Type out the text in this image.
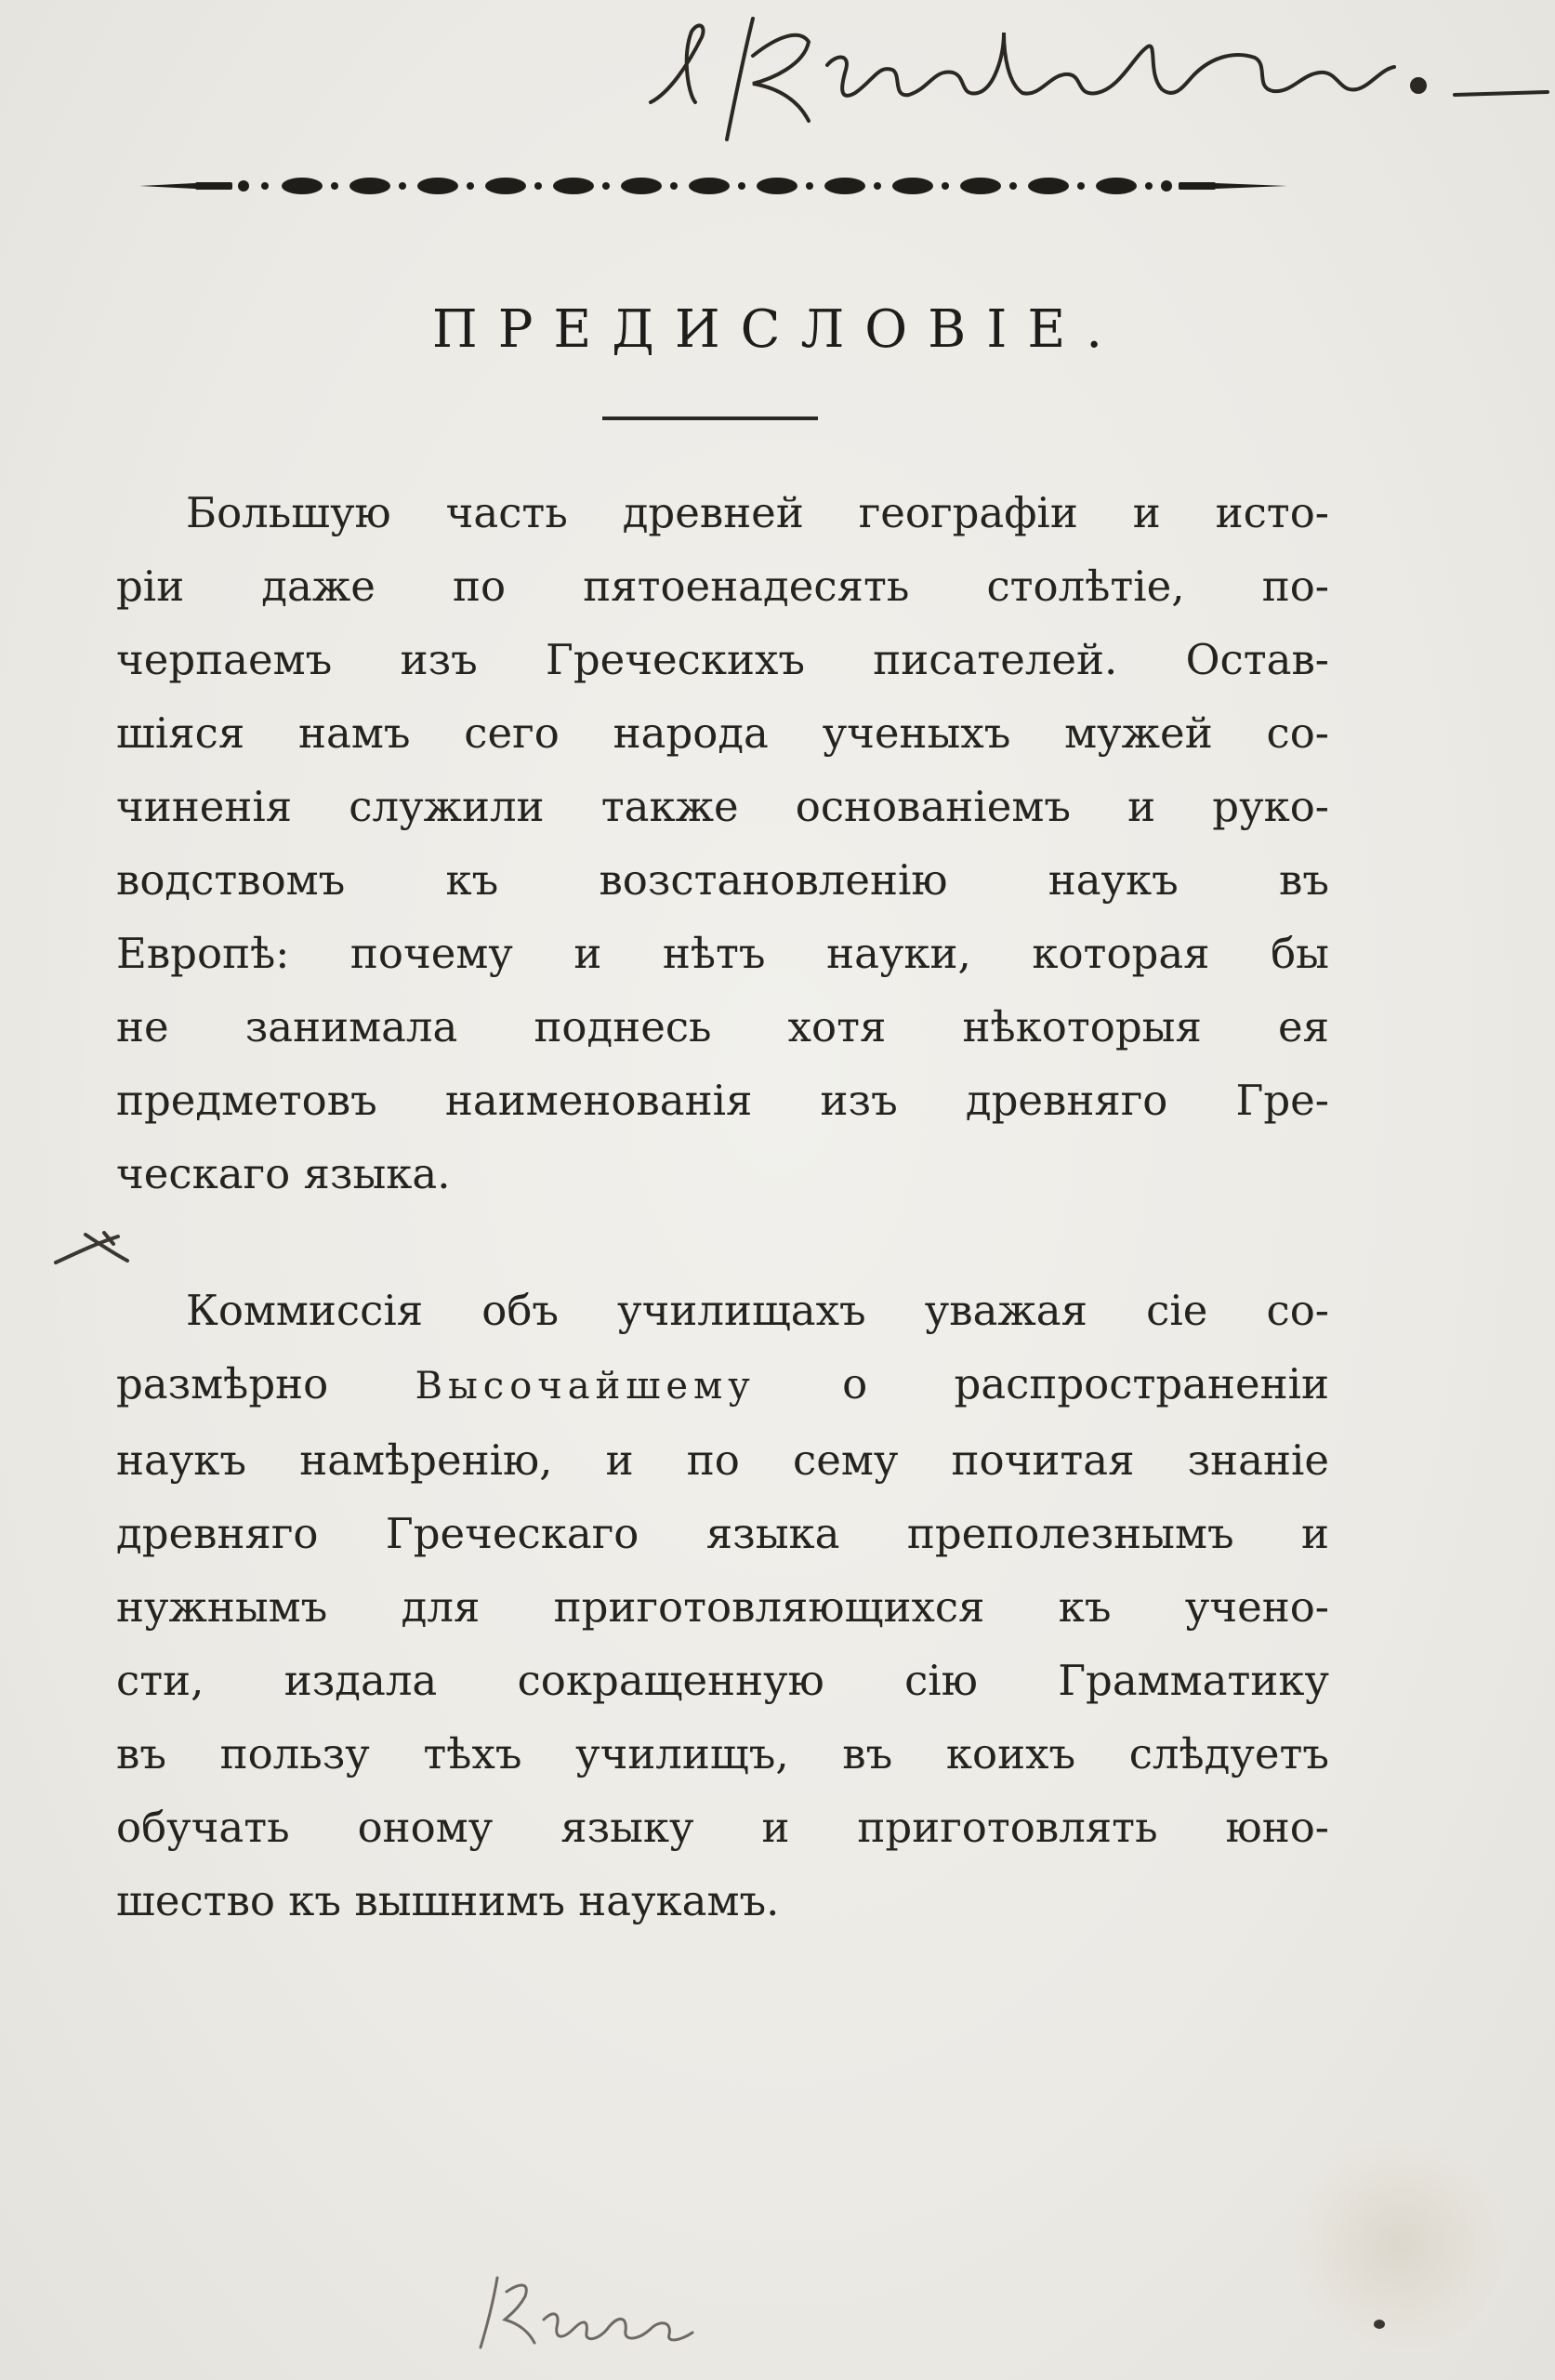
Крашки
ПРЕДИСЛОВІЕ.
Большую часть древней географіи и исто-
ріи даже по пятоенадесять столѣтіе, по-
черпаемъ изъ Греческихъ писателей. Остав-
шіяся намъ сего народа ученыхъ мужей со-
чиненія служили также основаніемъ и руко-
водствомъ къ возстановленію наукъ въ
Европѣ: почему и нѣтъ науки, которая бы
не занимала поднесь хотя нѣкоторыя ея
предметовъ наименованія изъ древняго Гре-
ческаго языка.
Коммиссія объ училищахъ уважая сіе со-
размѣрно Высочайшему о распространеніи
наукъ намѣренію, и по сему почитая знаніе
древняго Греческаго языка преполезнымъ и
нужнымъ для приготовляющихся къ учено-
сти, издала сокращенную сію Грамматику
въ пользу тѣхъ училищъ, въ коихъ слѣдуетъ
обучать оному языку и приготовлять юно-
шество къ вышнимъ наукамъ.
Книга
